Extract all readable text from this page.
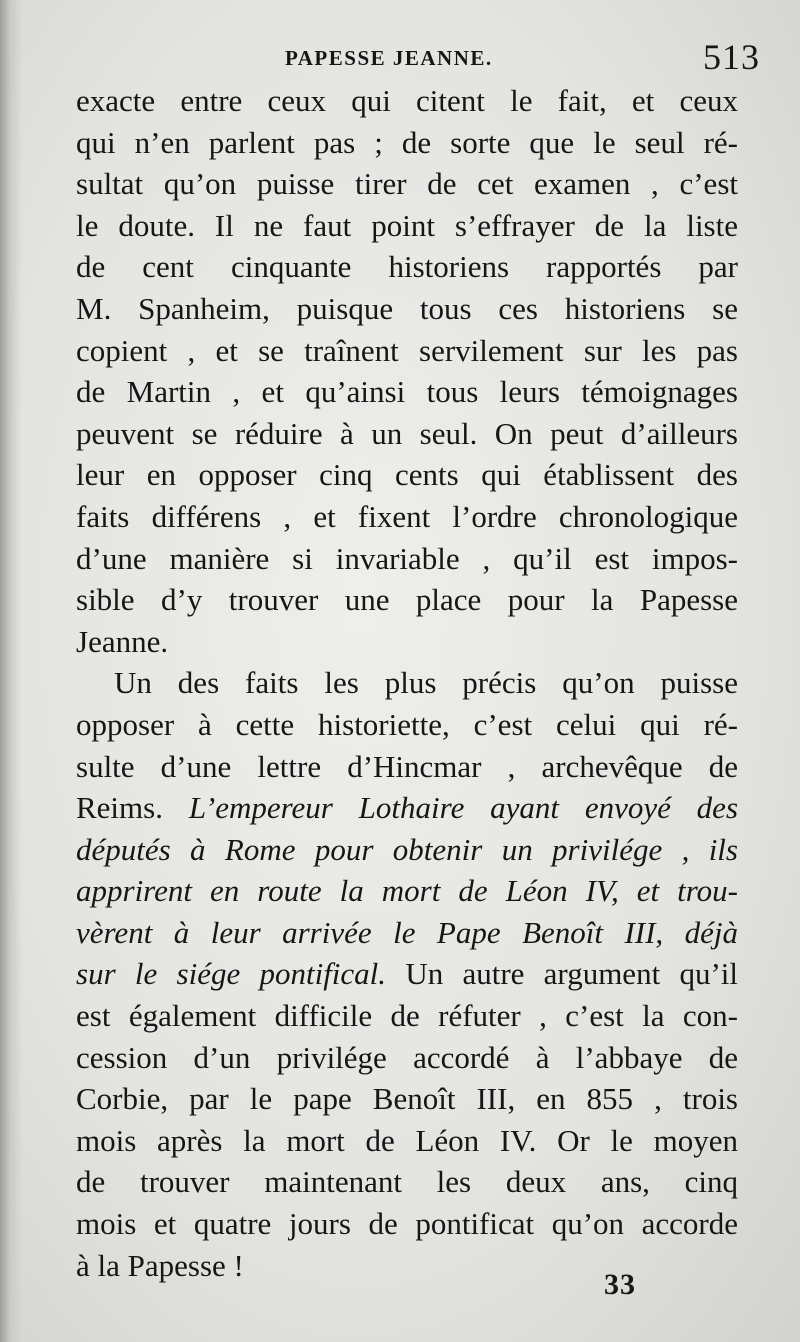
PAPESSE JEANNE.	513
exacte entre ceux qui citent le fait, et ceux
qui n’en parlent pas ; de sorte que le seul ré-
sultat qu’on puisse tirer de cet examen , c’est
le doute. Il ne faut point s’effrayer de la liste
de cent cinquante historiens rapportés par
M. Spanheim, puisque tous ces historiens se
copient , et se traînent servilement sur les pas
de Martin , et qu’ainsi tous leurs témoignages
peuvent se réduire à un seul. On peut d’ailleurs
leur en opposer cinq cents qui établissent des
faits différens , et fixent l’ordre chronologique
d’une manière si invariable , qu’il est impos-
sible d’y trouver une place pour la Papesse
Jeanne.
Un des faits les plus précis qu’on puisse
opposer à cette historiette, c’est celui qui ré-
sulte d’une lettre d’Hincmar , archevêque de
Reims. L’empereur Lothaire ayant envoyé des
députés à Rome pour obtenir un privilége , ils
apprirent en route la mort de Léon IV, et trou-
vèrent à leur arrivée le Pape Benoît III, déjà
sur le siége pontifical. Un autre argument qu’il
est également difficile de réfuter , c’est la con-
cession d’un privilége accordé à l’abbaye de
Corbie, par le pape Benoît III, en 855 , trois
mois après la mort de Léon IV. Or le moyen
de trouver maintenant les deux ans, cinq
mois et quatre jours de pontificat qu’on accorde
à la Papesse !
33
